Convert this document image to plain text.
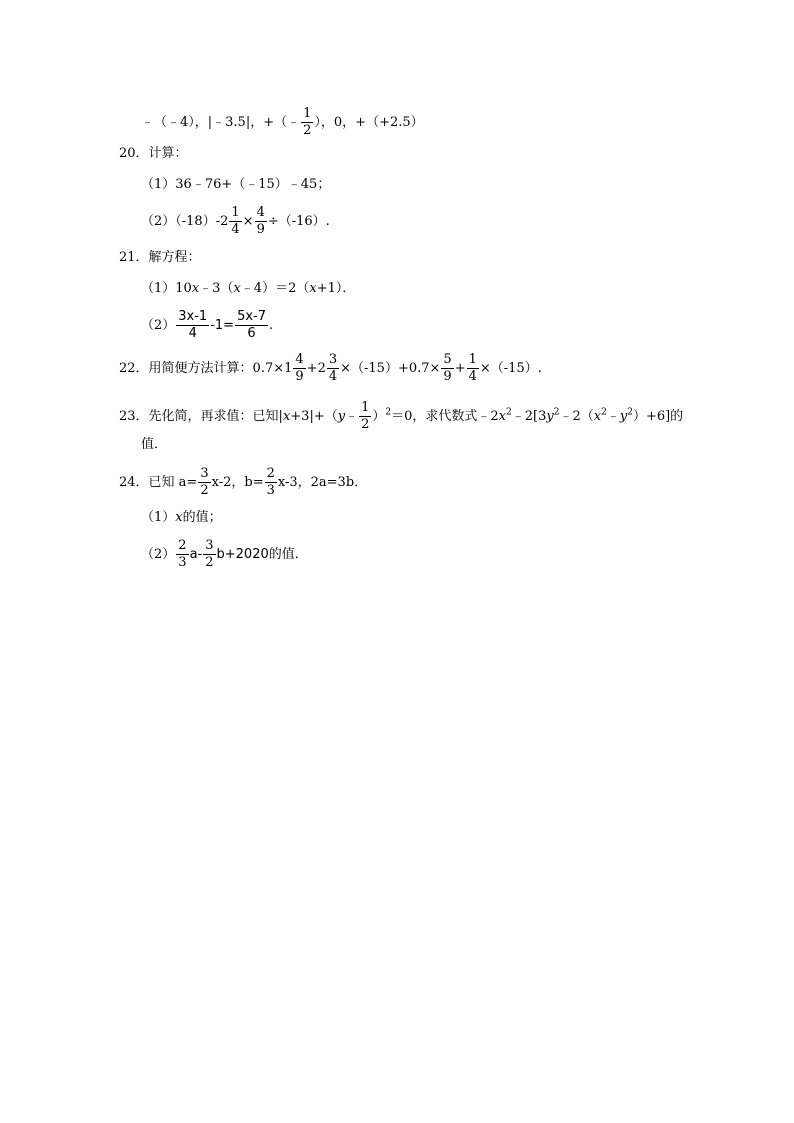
﹣（﹣4），|﹣3.5|，+（﹣ $\frac{1}{2}$ ），0，+（+2.5）
20．计算：
（1）36﹣76+（﹣15）﹣45；
$(2)(-18)-2 \frac{1}{4} \times \frac{4}{9} \div(-16)$.
21．解方程：
（1）10x﹣3（x﹣4）＝2（x+1）．
$(2) \frac{3x-1}{4} -1= \frac{5x-7}{6}$ .
22．用简便方法计算：$0.7\times 1 \frac{4}{9} +2 \frac{3}{4} \times(-15)+0.7\times \frac{5}{9} + \frac{1}{4} \times(-15)$.
23．先化简，再求值：已知|x+3|+（y﹣ $\frac{1}{2} )^2=0$，求代数式$﹣2x^2﹣2[3y^2﹣2(x^2﹣y^2)+6]$的
值．
24．已知 $a= \frac{3}{2} x-2$，$b= \frac{2}{3} x-3$，2a=3b．
（1）x的值；
$(2) \frac{2}{3} a- \frac{3}{2} b+2020$的值．
